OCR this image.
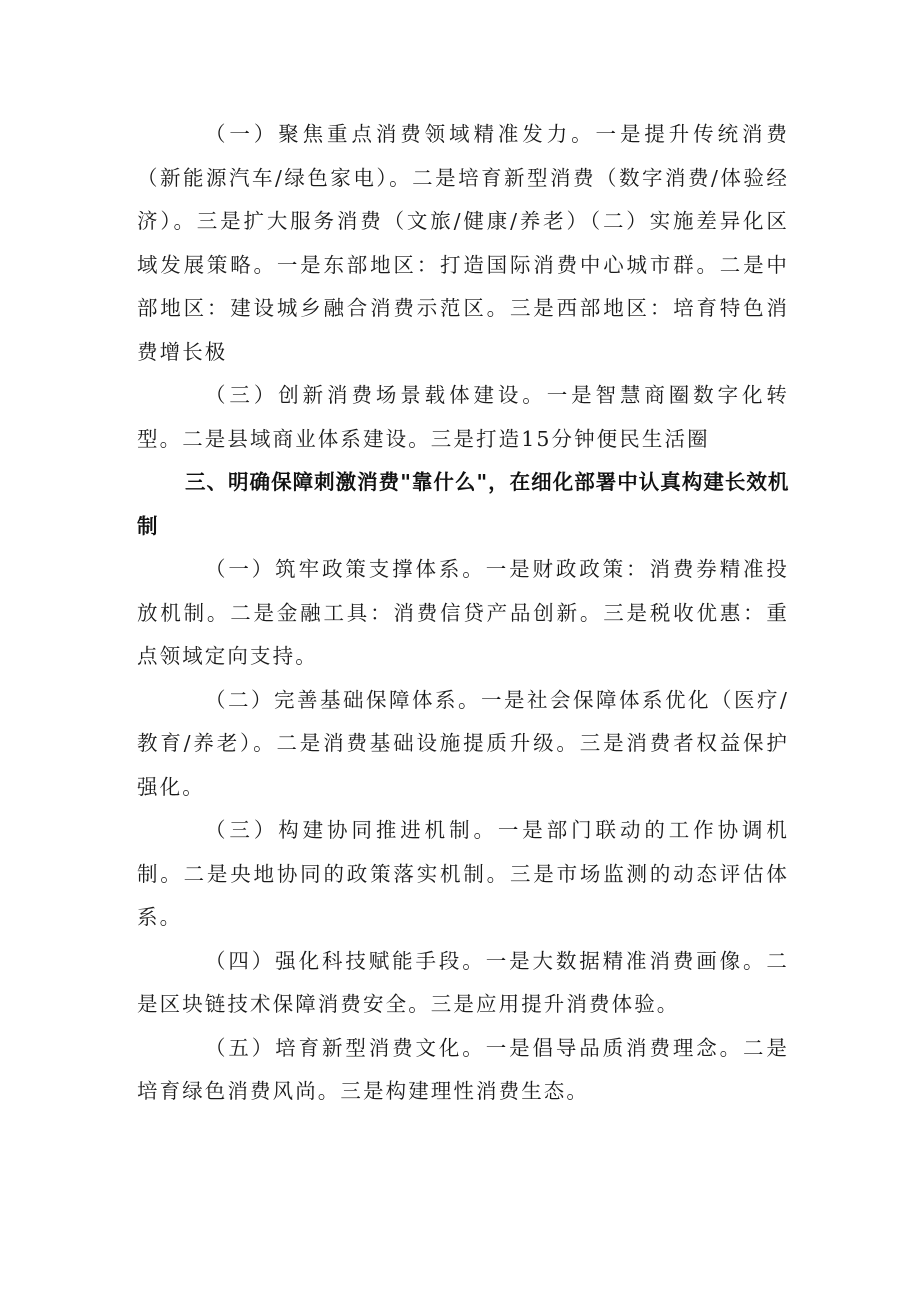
（一）聚焦重点消费领域精准发力。一是提升传统消费（新能源汽车/绿色家电）。二是培育新型消费（数字消费/体验经济）。三是扩大服务消费（文旅/健康/养老）（二）实施差异化区域发展策略。一是东部地区：打造国际消费中心城市群。二是中部地区：建设城乡融合消费示范区。三是西部地区：培育特色消费增长极

（三）创新消费场景载体建设。一是智慧商圈数字化转型。二是县域商业体系建设。三是打造15分钟便民生活圈

三、明确保障刺激消费"靠什么"，在细化部署中认真构建长效机制

（一）筑牢政策支撑体系。一是财政政策：消费券精准投放机制。二是金融工具：消费信贷产品创新。三是税收优惠：重点领域定向支持。

（二）完善基础保障体系。一是社会保障体系优化（医疗/教育/养老）。二是消费基础设施提质升级。三是消费者权益保护强化。

（三）构建协同推进机制。一是部门联动的工作协调机制。二是央地协同的政策落实机制。三是市场监测的动态评估体系。

（四）强化科技赋能手段。一是大数据精准消费画像。二是区块链技术保障消费安全。三是应用提升消费体验。

（五）培育新型消费文化。一是倡导品质消费理念。二是培育绿色消费风尚。三是构建理性消费生态。
